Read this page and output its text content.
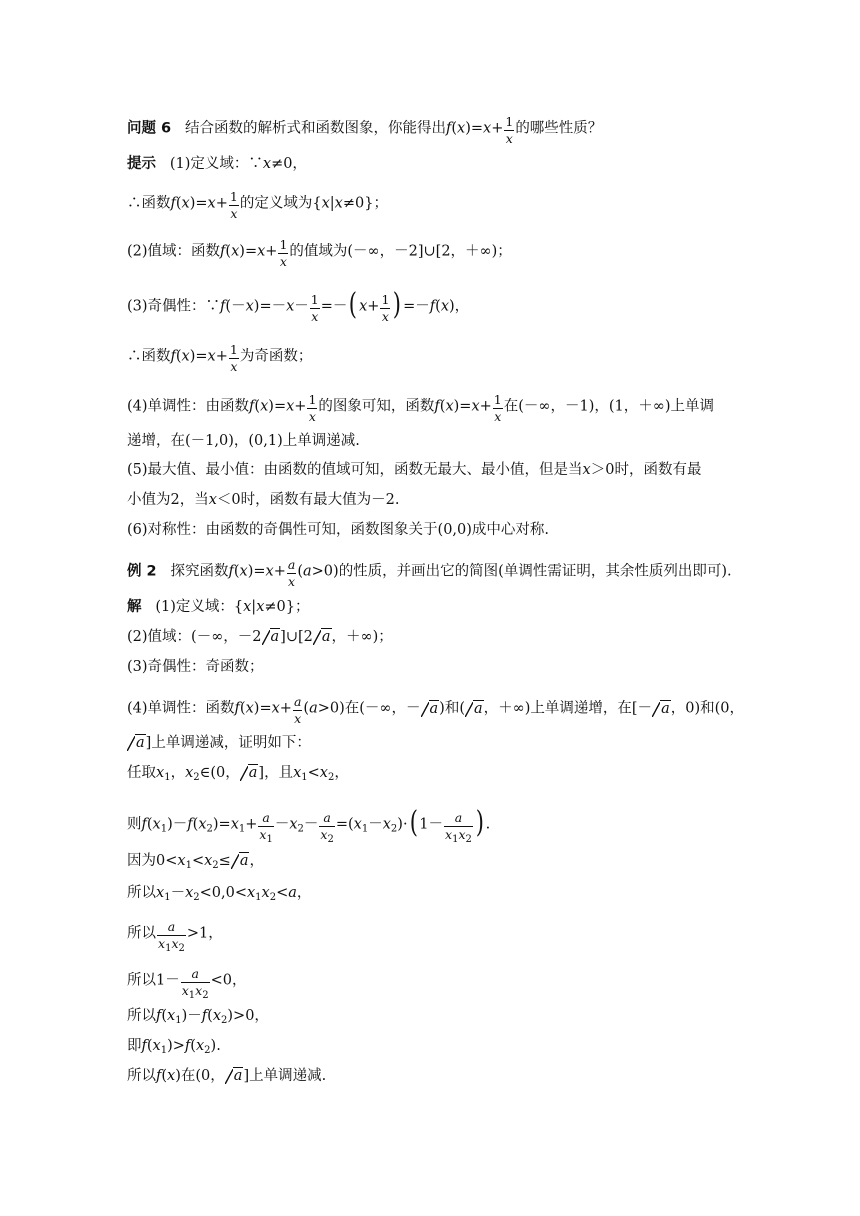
问题 6 结合函数的解析式和函数图象，你能得出$f(x)=x+ \frac{1}{x}$ 的哪些性质？
提示 (1)定义域：∵x≠0，
∴函数$f(x)=x+ \frac{1}{x}$ 的定义域为{x|x≠0}；
(2)值域：函数$f(x)=x+ \frac{1}{x}$ 的值域为(－∞，－2]∪[2，＋∞)；
(3)奇偶性：∵f(－x)=－x－ $\frac{1}{x}$ =－( $x+ \frac{1}{x}$ ) =－f(x)，
∴函数$f(x)=x+ \frac{1}{x}$ 为奇函数；
(4)单调性：由函数$f(x)=x+ \frac{1}{x}$ 的图象可知，函数$f(x)=x+ \frac{1}{x}$ 在(－∞，－1)，(1，＋∞)上单调
递增，在(－1,0)，(0,1)上单调递减.
(5)最大值、最小值：由函数的值域可知，函数无最大、最小值，但是当x＞0时，函数有最
小值为2，当x＜0时，函数有最大值为－2.
(6)对称性：由函数的奇偶性可知，函数图象关于(0,0)成中心对称.
例 2 探究函数$f(x)=x+ \frac{a}{x} (a>0)$的性质，并画出它的简图(单调性需证明，其余性质列出即可).
解 (1)定义域：{x|x≠0}；
(2)值域：(－∞，－2 a]∪[2 a，＋∞)；
(3)奇偶性：奇函数；
(4)单调性：函数$f(x)=x+ \frac{a}{x} (a>0)$在(－∞，－ a)和( a，＋∞)上单调递增，在[－ a，0)和(0，
a]上单调递减，证明如下：
任取$x_1$，$x_2\in(0$， a]，且$x_1<x_2$，
则$f(x_1)-f(x_2)=x_1+ \frac{a}{x_1} -x_2- \frac{a}{x_2} =(x_1-x_2)\cdot$( $1- \frac{a}{x_1x_2}$ ) .
因为$0<x_1<x_2\le a$，
所以$x_1-x_2<0,0<x_1x_2<a$，
所以 $\frac{a}{x_1x_2} >1$，
所以$1- \frac{a}{x_1x_2} <0$，
所以$f(x_1)-f(x_2)>0$，
即$f(x_1)>f(x_2)$.
所以f(x)在(0， a]上单调递减.
